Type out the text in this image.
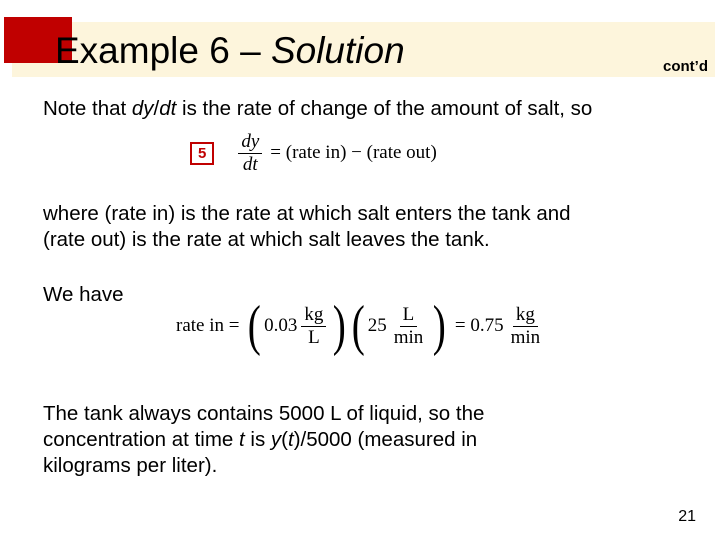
Example 6 – Solution	cont’d

Note that dy/dt is the rate of change of the amount of salt, so

5	$\frac{dy}{dt}$ = (rate in) − (rate out)

where (rate in) is the rate at which salt enters the tank and
(rate out) is the rate at which salt leaves the tank.

We have

rate in = ( $0.03 \frac{kg}{L}$ ) ( $25 \frac{L}{\min}$ ) = $0.75 \frac{kg}{\min}$

The tank always contains 5000 L of liquid, so the
concentration at time t is y(t)/5000 (measured in
kilograms per liter).

21
